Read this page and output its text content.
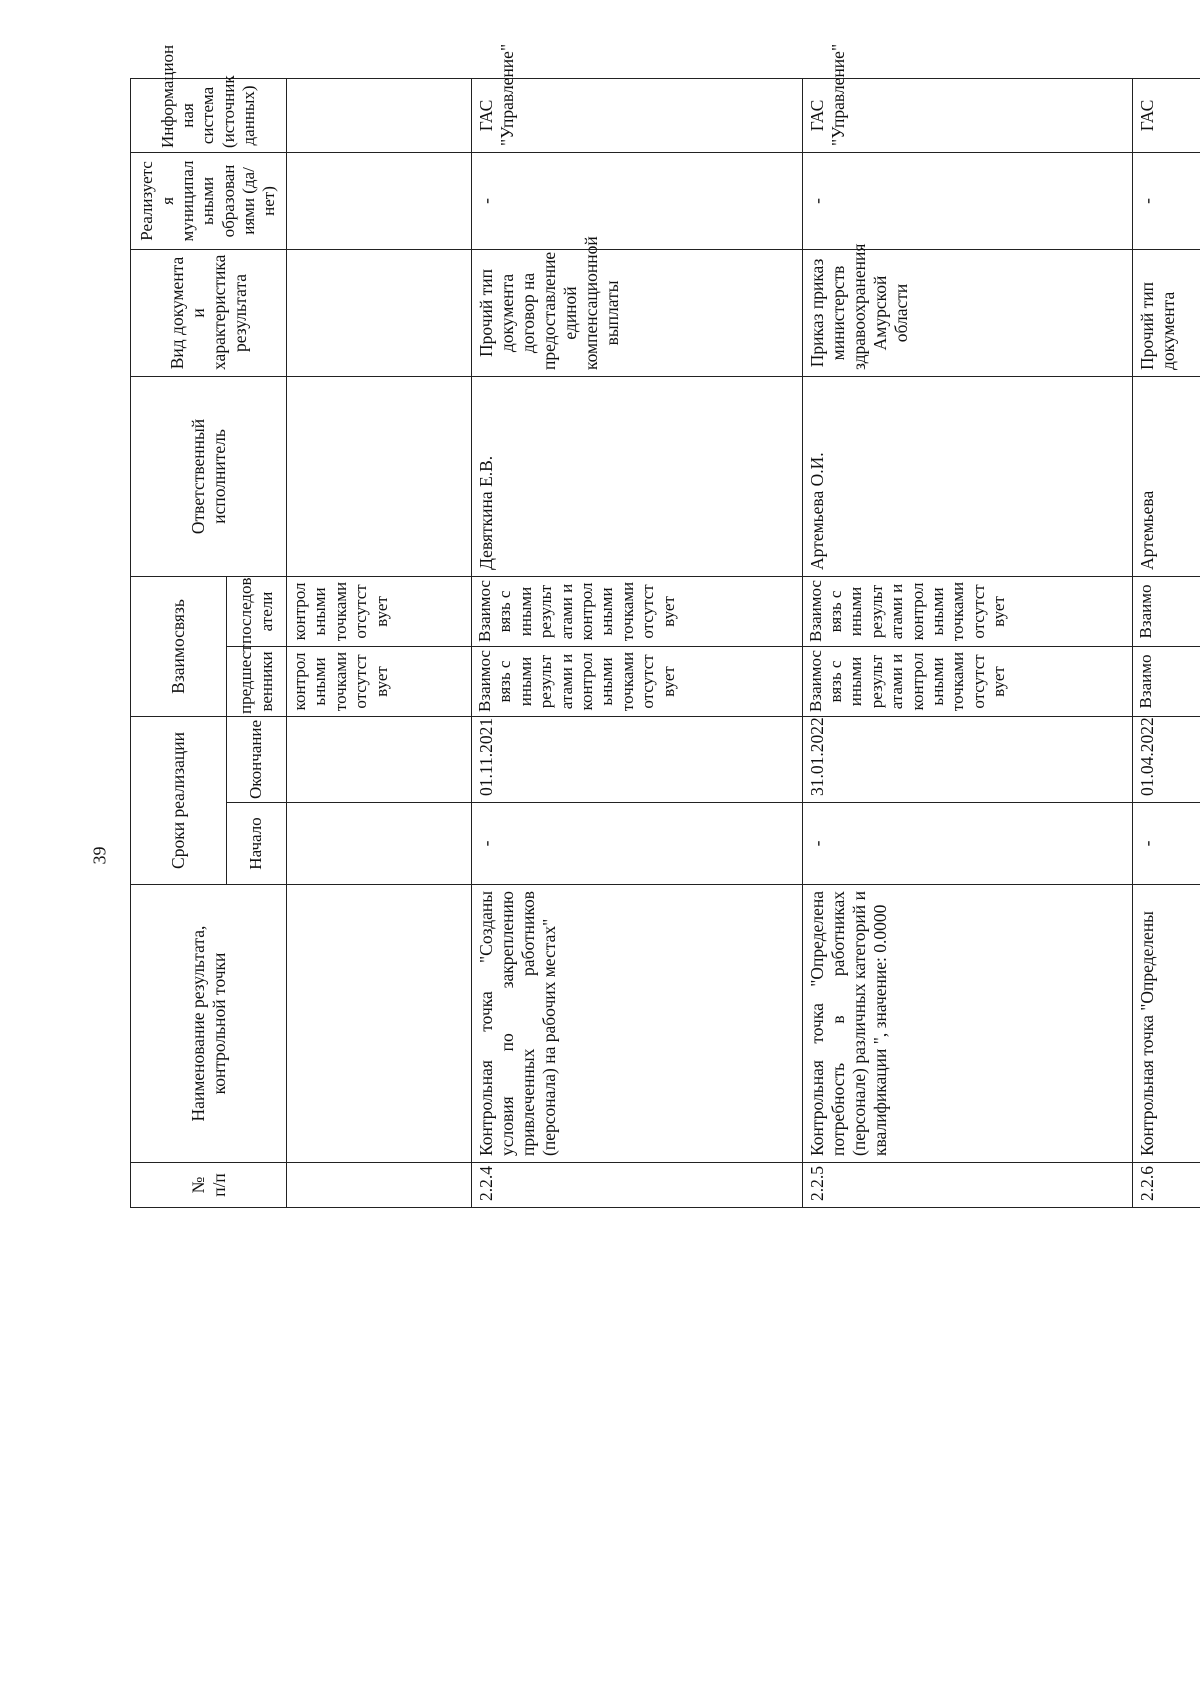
39
№ п/п	Наименование результата, контрольной точки	Сроки реализации		Взаимосвязь		Ответственный исполнитель	Вид документа и характеристика результата	Реализуетс я муниципал ьными образован иями (да/нет)	Информацион ная система (источник данных)
		Начало	Окончание	предшест венники	последов атели				
				контрол ьными точками отсутст вует	контрол ьными точками отсутст вует				
2.2.4	Контрольная точка "Созданы условия по закреплению привлеченных работников (персонала) на рабочих местах"	-	01.11.2021	Взаимос вязь с иными результ атами и контрол ьными точками отсутст вует	Взаимос вязь с иными результ атами и контрол ьными точками отсутст вует	Девяткина Е.В.	Прочий тип документа договор на предоставление единой компенсационной выплаты	-	ГАС "Управление"
2.2.5	Контрольная точка "Определена потребность в работниках (персонале) различных категорий и квалификации ", значение: 0.0000	-	31.01.2022	Взаимос вязь с иными результ атами и контрол ьными точками отсутст вует	Взаимос вязь с иными результ атами и контрол ьными точками отсутст вует	Артемьева О.И.	Приказ приказ министерств здравоохранения Амурской области	-	ГАС "Управление"
2.2.6	Контрольная точка "Определены	-	01.04.2022	Взаимо	Взаимо	Артемьева	Прочий тип документа	-	ГАС
